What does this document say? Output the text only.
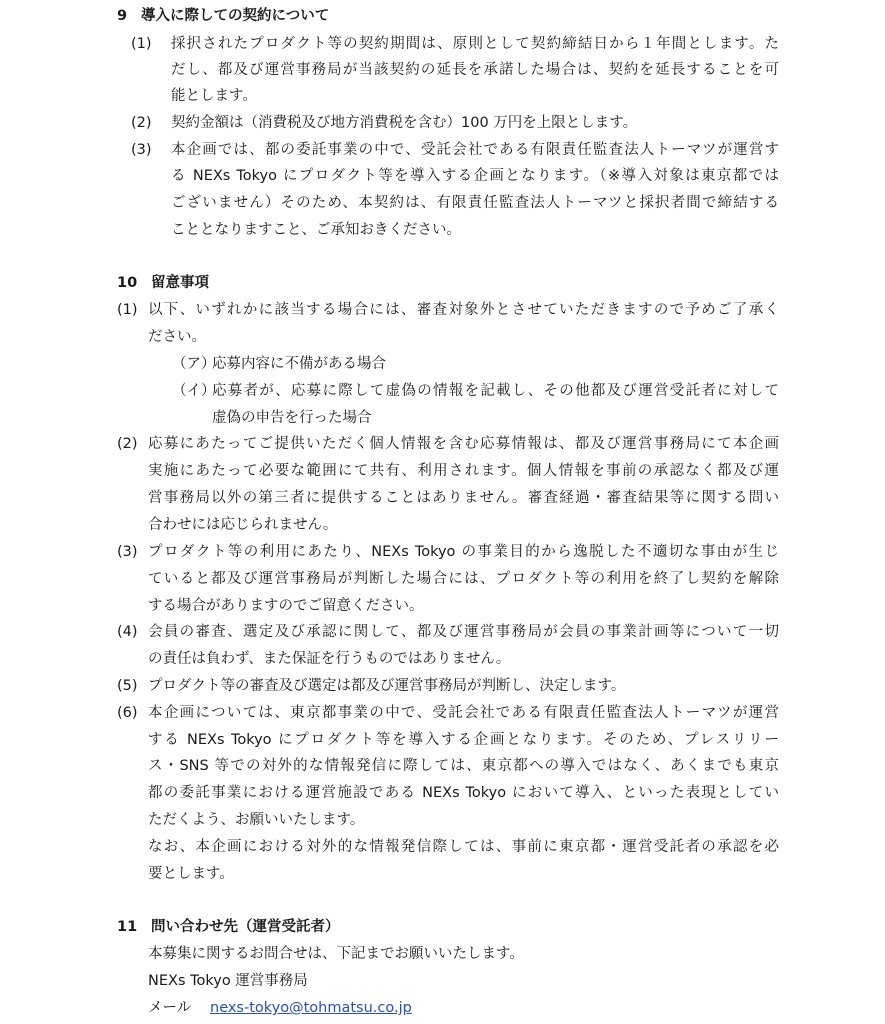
9 導入に際しての契約について
(1) 採択されたプロダクト等の契約期間は、原則として契約締結日から１年間とします。た
だし、都及び運営事務局が当該契約の延長を承諾した場合は、契約を延長することを可
能とします。
(2) 契約金額は（消費税及び地方消費税を含む）100 万円を上限とします。
(3) 本企画では、都の委託事業の中で、受託会社である有限責任監査法人トーマツが運営す
る NEXs Tokyo にプロダクト等を導入する企画となります。（※導入対象は東京都では
ございません）そのため、本契約は、有限責任監査法人トーマツと採択者間で締結する
こととなりますこと、ご承知おきください。
10 留意事項
(1) 以下、いずれかに該当する場合には、審査対象外とさせていただきますので予めご了承く
ださい。
（ア）
応募内容に不備がある場合
（イ）
応募者が、応募に際して虚偽の情報を記載し、その他都及び運営受託者に対して
虚偽の申告を行った場合
(2) 応募にあたってご提供いただく個人情報を含む応募情報は、都及び運営事務局にて本企画
実施にあたって必要な範囲にて共有、利用されます。個人情報を事前の承認なく都及び運
営事務局以外の第三者に提供することはありません。審査経過・審査結果等に関する問い
合わせには応じられません。
(3) プロダクト等の利用にあたり、NEXs Tokyo の事業目的から逸脱した不適切な事由が生じ
ていると都及び運営事務局が判断した場合には、プロダクト等の利用を終了し契約を解除
する場合がありますのでご留意ください。
(4) 会員の審査、選定及び承認に関して、都及び運営事務局が会員の事業計画等について一切
の責任は負わず、また保証を行うものではありません。
(5) プロダクト等の審査及び選定は都及び運営事務局が判断し、決定します。
(6) 本企画については、東京都事業の中で、受託会社である有限責任監査法人トーマツが運営
する NEXs Tokyo にプロダクト等を導入する企画となります。そのため、プレスリリー
ス・SNS 等での対外的な情報発信に際しては、東京都への導入ではなく、あくまでも東京
都の委託事業における運営施設である NEXs Tokyo において導入、といった表現としてい
ただくよう、お願いいたします。
なお、本企画における対外的な情報発信際しては、事前に東京都・運営受託者の承認を必
要とします。
11 問い合わせ先（運営受託者）
本募集に関するお問合せは、下記までお願いいたします。
NEXs Tokyo 運営事務局
メール nexs-tokyo@tohmatsu.co.jp
